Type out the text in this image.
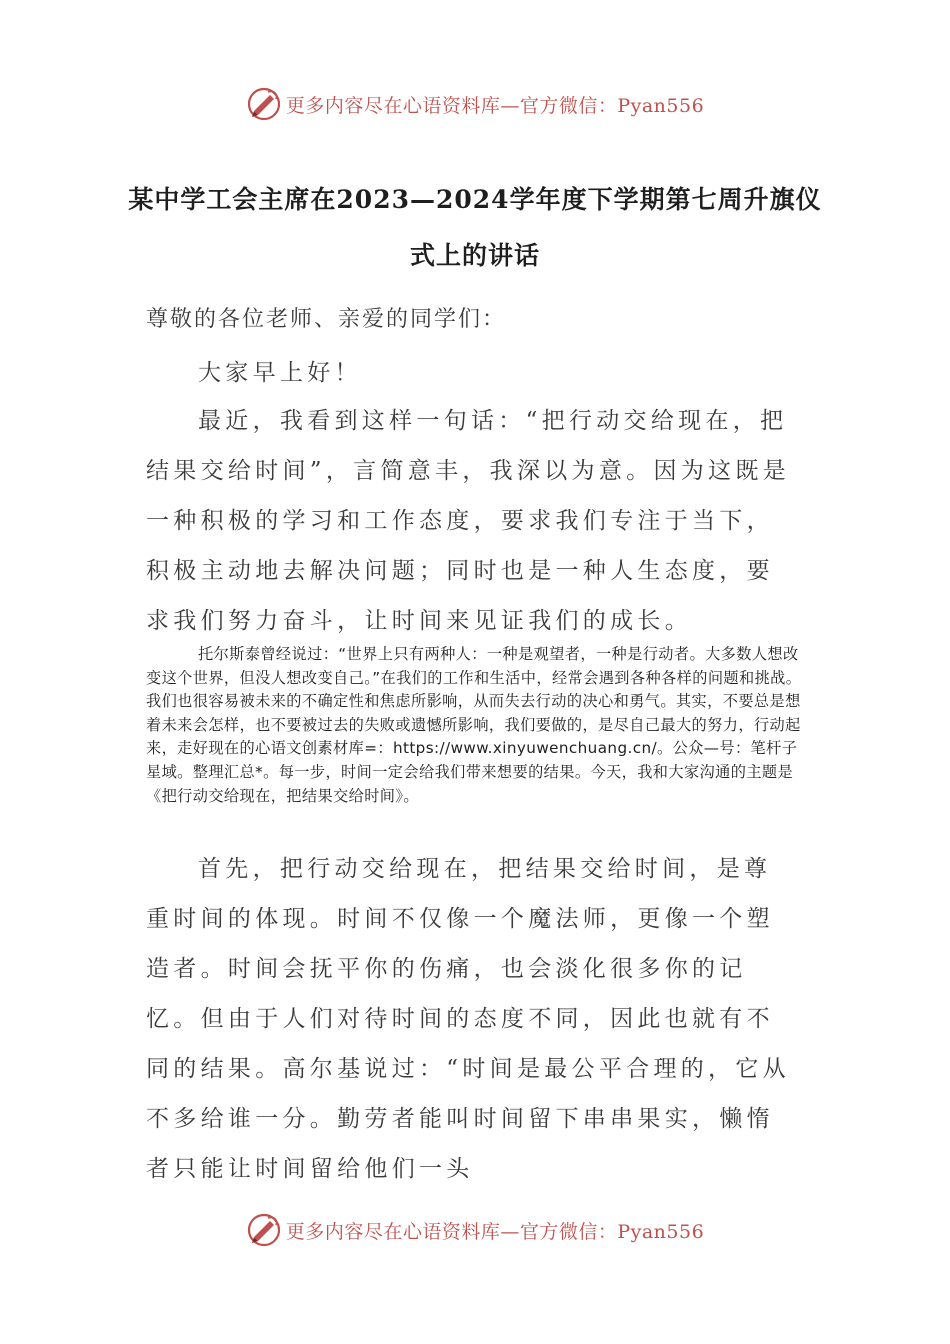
更多内容尽在心语资料库—官方微信：Pyan556
某中学工会主席在2023—2024学年度下学期第七周升旗仪式上的讲话
尊敬的各位老师、亲爱的同学们：
大家早上好！
最近，我看到这样一句话：“把行动交给现在，把结果交给时间”，言简意丰，我深以为意。因为这既是一种积极的学习和工作态度，要求我们专注于当下，积极主动地去解决问题；同时也是一种人生态度，要求我们努力奋斗，让时间来见证我们的成长。
托尔斯泰曾经说过：“世界上只有两种人：一种是观望者，一种是行动者。大多数人想改变这个世界，但没人想改变自己。”在我们的工作和生活中，经常会遇到各种各样的问题和挑战。我们也很容易被未来的不确定性和焦虑所影响，从而失去行动的决心和勇气。其实，不要总是想着未来会怎样，也不要被过去的失败或遗憾所影响，我们要做的，是尽自己最大的努力，行动起来，走好现在的心语文创素材库=：https://www.xinyuwenchuang.cn/。公众—号：笔杆子星域。整理汇总*。每一步，时间一定会给我们带来想要的结果。今天，我和大家沟通的主题是《把行动交给现在，把结果交给时间》。
首先，把行动交给现在，把结果交给时间，是尊重时间的体现。时间不仅像一个魔法师，更像一个塑造者。时间会抚平你的伤痛，也会淡化很多你的记忆。但由于人们对待时间的态度不同，因此也就有不同的结果。高尔基说过：“时间是最公平合理的，它从不多给谁一分。勤劳者能叫时间留下串串果实，懒惰者只能让时间留给他们一头
更多内容尽在心语资料库—官方微信：Pyan556
